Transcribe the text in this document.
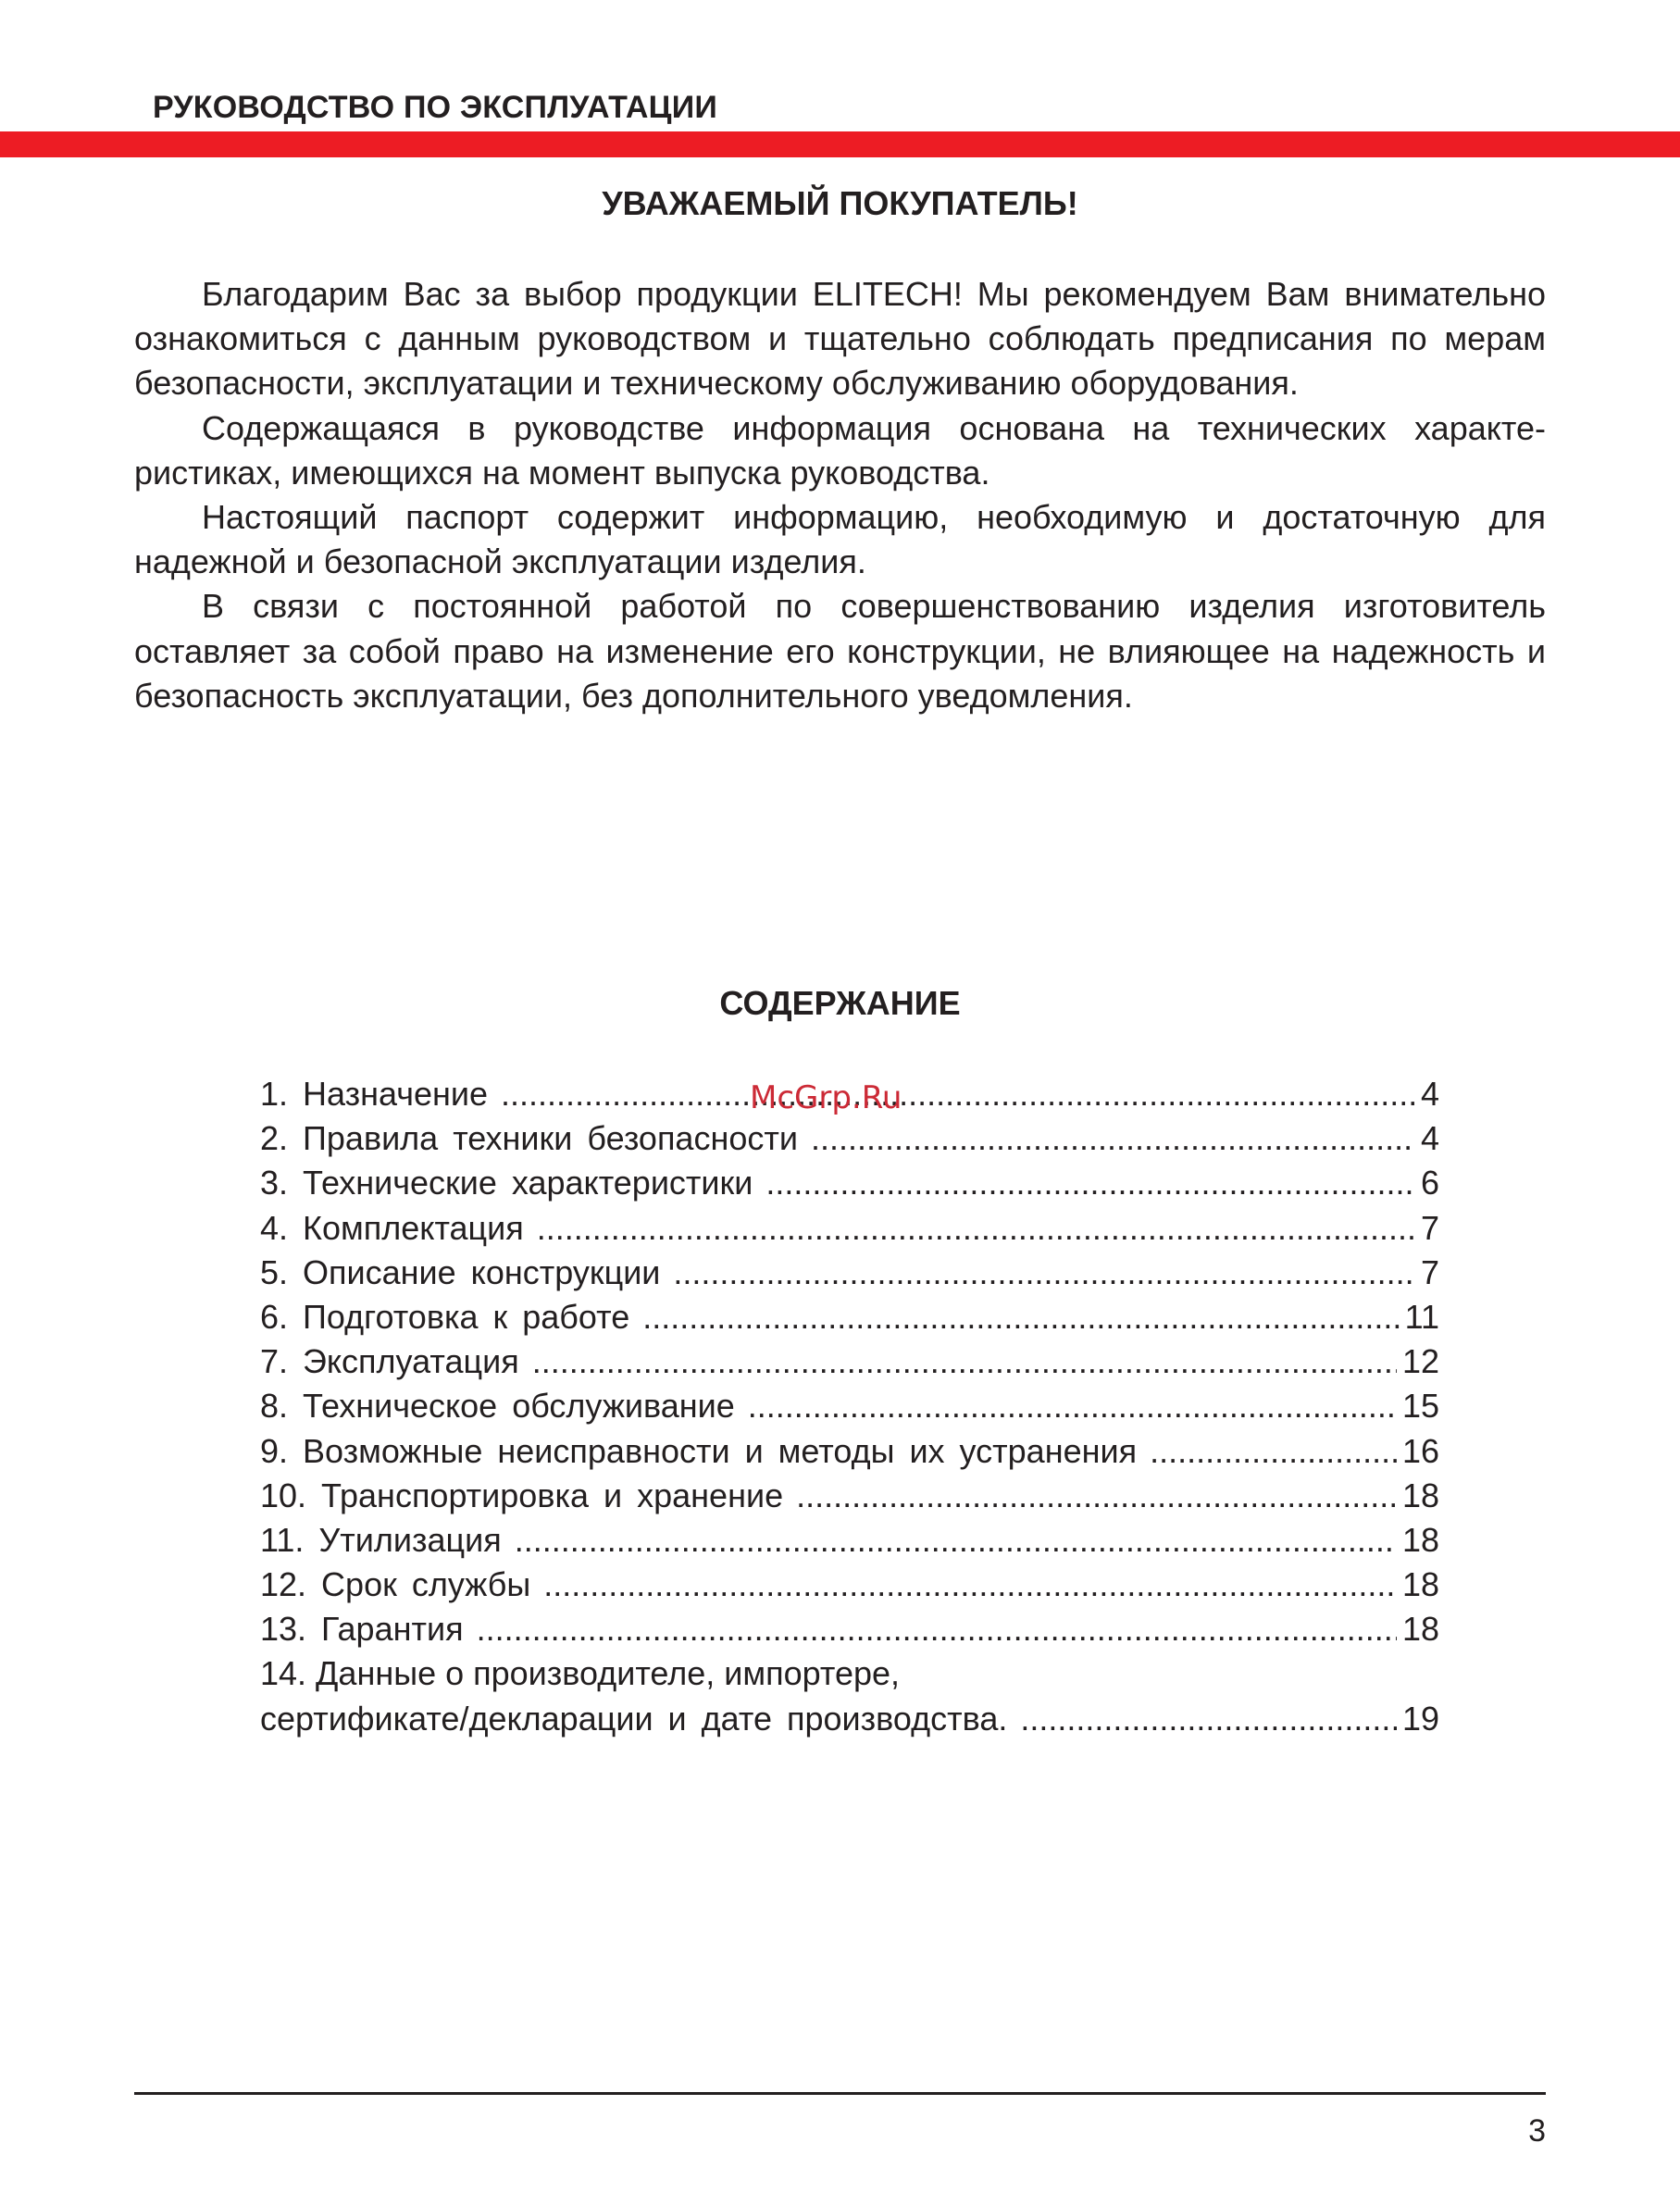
РУКОВОДСТВО ПО ЭКСПЛУАТАЦИИ
УВАЖАЕМЫЙ ПОКУПАТЕЛЬ!

Благодарим Вас за выбор продукции ELITECH! Мы рекомендуем Вам внимательно ознакомиться с данным руководством и тщательно соблюдать предписания по мерам безопасности, эксплуатации и техническому обслуживанию оборудования.

Содержащаяся в руководстве информация основана на технических характеристиках, имеющихся на момент выпуска руководства.

Настоящий паспорт содержит информацию, необходимую и достаточную для надежной и безопасной эксплуатации изделия.

В связи с постоянной работой по совершенствованию изделия изготовитель оставляет за собой право на изменение его конструкции, не влияющее на надежность и безопасность эксплуатации, без дополнительного уведомления.

СОДЕРЖАНИЕ
1. Назначение .....	4
2. Правила техники безопасности .....	4
3. Технические характеристики .....	6
4. Комплектация .....	7
5. Описание конструкции .....	7
6. Подготовка к работе .....	11
7. Эксплуатация .....	12
8. Техническое обслуживание .....	15
9. Возможные неисправности и методы их устранения .....	16
10. Транспортировка и хранение .....	18
11. Утилизация .....	18
12. Срок службы .....	18
13. Гарантия .....	18
14. Данные о производителе, импортере,
сертификате/декларации и дате производства. .....	19
McGrp.Ru
3
